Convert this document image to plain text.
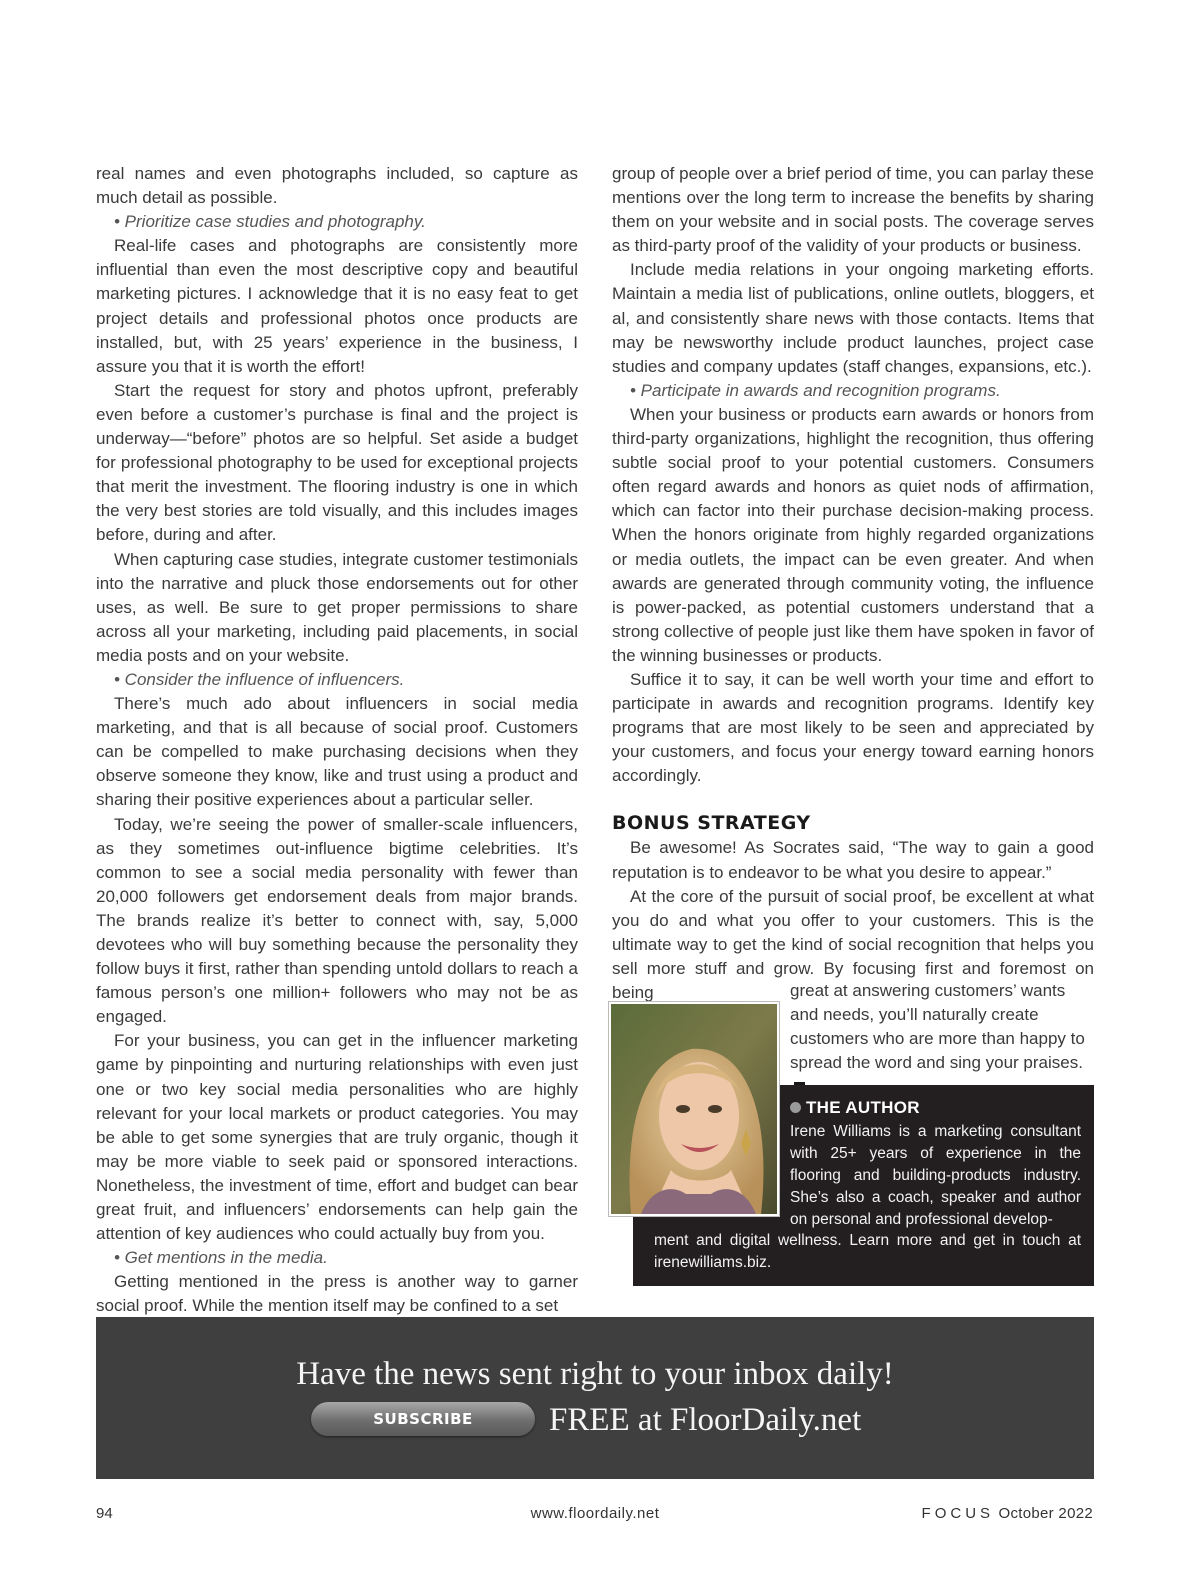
real names and even photographs included, so capture as much detail as possible.

• Prioritize case studies and photography.

Real-life cases and photographs are consistently more influential than even the most descriptive copy and beautiful marketing pictures. I acknowledge that it is no easy feat to get project details and professional photos once products are installed, but, with 25 years’ experience in the business, I assure you that it is worth the effort!

Start the request for story and photos upfront, preferably even before a customer’s purchase is final and the project is underway—“before” photos are so helpful. Set aside a budget for professional photography to be used for exceptional projects that merit the investment. The flooring industry is one in which the very best stories are told visually, and this includes images before, during and after.

When capturing case studies, integrate customer testimonials into the narrative and pluck those endorsements out for other uses, as well. Be sure to get proper permissions to share across all your marketing, including paid placements, in social media posts and on your website.

• Consider the influence of influencers.

There’s much ado about influencers in social media marketing, and that is all because of social proof. Customers can be compelled to make purchasing decisions when they observe someone they know, like and trust using a product and sharing their positive experiences about a particular seller.

Today, we’re seeing the power of smaller-scale influencers, as they sometimes out-influence bigtime celebrities. It’s common to see a social media personality with fewer than 20,000 followers get endorsement deals from major brands. The brands realize it’s better to connect with, say, 5,000 devotees who will buy something because the personality they follow buys it first, rather than spending untold dollars to reach a famous person’s one million+ followers who may not be as engaged.

For your business, you can get in the influencer marketing game by pinpointing and nurturing relationships with even just one or two key social media personalities who are highly relevant for your local markets or product categories. You may be able to get some synergies that are truly organic, though it may be more viable to seek paid or sponsored interactions. Nonetheless, the investment of time, effort and budget can bear great fruit, and influencers’ endorsements can help gain the attention of key audiences who could actually buy from you.

• Get mentions in the media.

Getting mentioned in the press is another way to garner social proof. While the mention itself may be confined to a set

group of people over a brief period of time, you can parlay these mentions over the long term to increase the benefits by sharing them on your website and in social posts. The coverage serves as third-party proof of the validity of your products or business.

Include media relations in your ongoing marketing efforts. Maintain a media list of publications, online outlets, bloggers, et al, and consistently share news with those contacts. Items that may be newsworthy include product launches, project case studies and company updates (staff changes, expansions, etc.).

• Participate in awards and recognition programs.

When your business or products earn awards or honors from third-party organizations, highlight the recognition, thus offering subtle social proof to your potential customers. Consumers often regard awards and honors as quiet nods of affirmation, which can factor into their purchase decision-making process. When the honors originate from highly regarded organizations or media outlets, the impact can be even greater. And when awards are generated through community voting, the influence is power-packed, as potential customers understand that a strong collective of people just like them have spoken in favor of the winning businesses or products.

Suffice it to say, it can be well worth your time and effort to participate in awards and recognition programs. Identify key programs that are most likely to be seen and appreciated by your customers, and focus your energy toward earning honors accordingly.

BONUS STRATEGY

Be awesome! As Socrates said, “The way to gain a good reputation is to endeavor to be what you desire to appear.”

At the core of the pursuit of social proof, be excellent at what you do and what you offer to your customers. This is the ultimate way to get the kind of social recognition that helps you sell more stuff and grow. By focusing first and foremost on being	great at answering customers’ wants and needs, you’ll naturally create customers who are more than happy to spread the word and sing your praises.
THE AUTHOR
Irene Williams is a marketing consultant with 25+ years of experience in the flooring and building-products industry. She’s also a coach, speaker and author on personal and professional develop-
ment and digital wellness. Learn more and get in touch at irenewilliams.biz.
Have the news sent right to your inbox daily!
SUBSCRIBE	FREE at FloorDaily.net
94	www.floordaily.net	FOCUS October 2022
